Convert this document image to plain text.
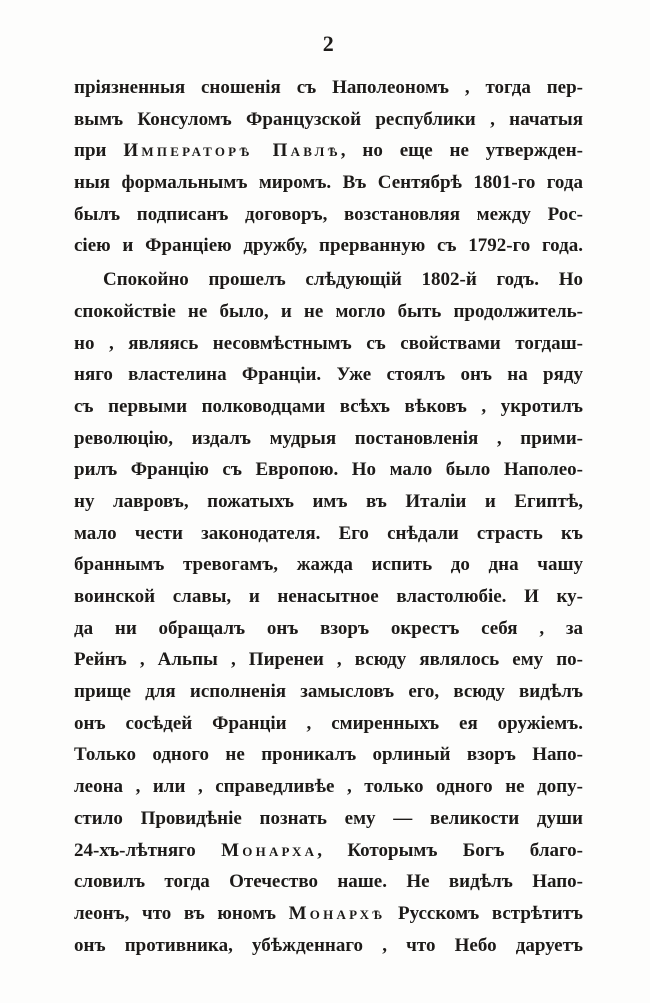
2
пріязненныя сношенія съ Наполеономъ , тогда пер-
вымъ Консуломъ Французской республики , начатыя
при Императорѣ Павлѣ, но еще не утвержден-
ныя формальнымъ миромъ. Въ Сентябрѣ 1801-го года
былъ подписанъ договоръ, возстановляя между Рос-
сіею и Франціею дружбу, прерванную съ 1792-го года.
Спокойно прошелъ слѣдующій 1802-й годъ. Но
спокойствіе не было, и не могло быть продолжитель-
но , являясь несовмѣстнымъ съ свойствами тогдаш-
няго властелина Франціи. Уже стоялъ онъ на ряду
съ первыми полководцами всѣхъ вѣковъ , укротилъ
революцію, издалъ мудрыя постановленія , прими-
рилъ Францію съ Европою. Но мало было Наполео-
ну лавровъ, пожатыхъ имъ въ Италіи и Египтѣ,
мало чести законодателя. Его снѣдали страсть къ
браннымъ тревогамъ, жажда испить до дна чашу
воинской славы, и ненасытное властолюбіе. И ку-
да ни обращалъ онъ взоръ окрестъ себя , за
Рейнъ , Альпы , Пиренеи , всюду являлось ему по-
прище для исполненія замысловъ его, всюду видѣлъ
онъ сосѣдей Франціи , смиренныхъ ея оружіемъ.
Только одного не проникалъ орлиный взоръ Напо-
леона , или , справедливѣе , только одного не допу-
стило Провидѣніе познать ему — великости души
24-хъ-лѣтняго Монарха, Которымъ Богъ благо-
словилъ тогда Отечество наше. Не видѣлъ Напо-
леонъ, что въ юномъ Монархѣ Русскомъ встрѣтитъ
онъ противника, убѣжденнаго , что Небо даруетъ
